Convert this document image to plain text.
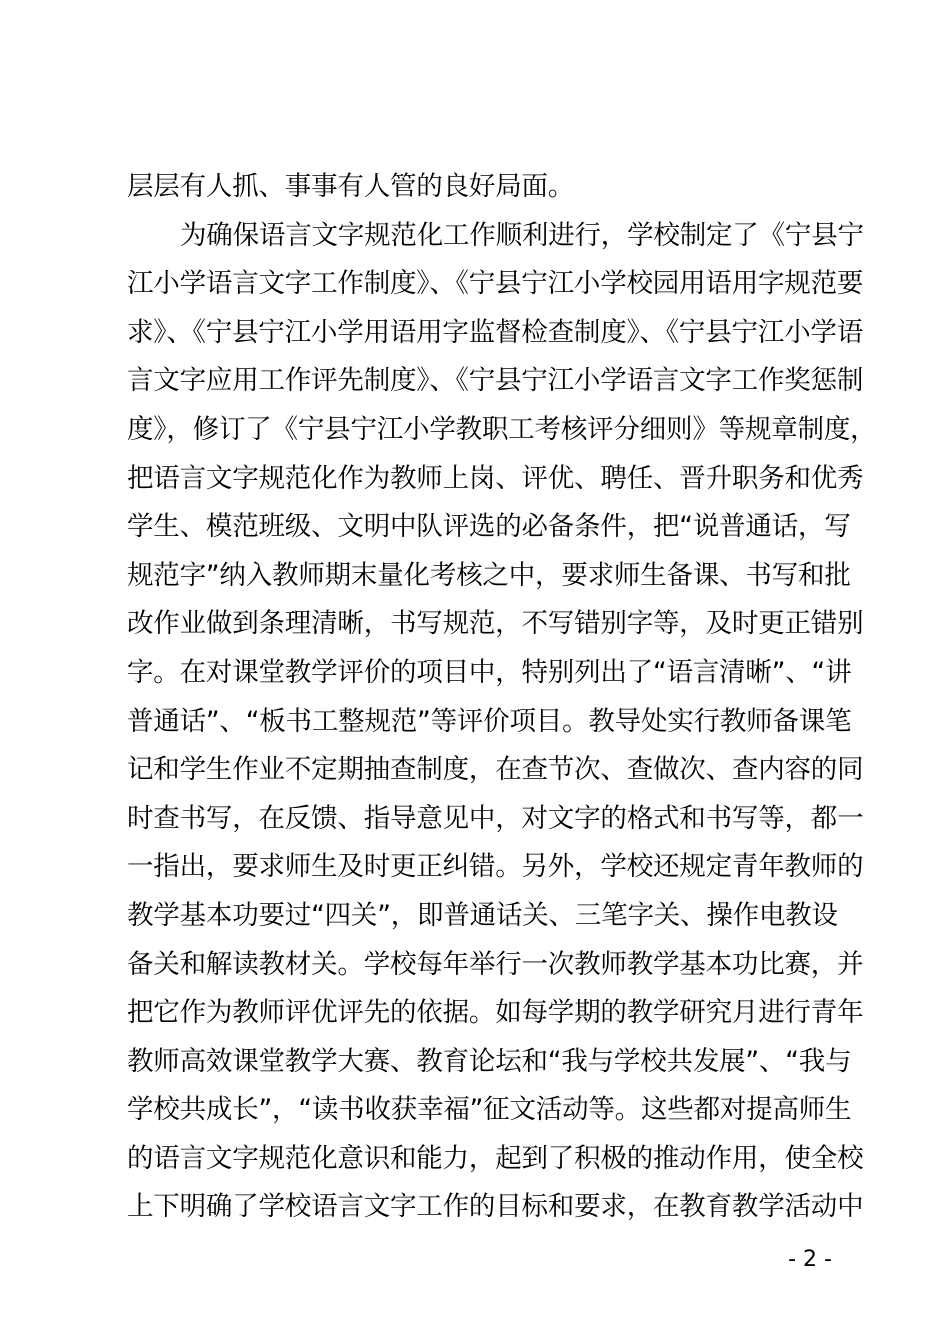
层层有人抓、事事有人管的良好局面。
为确保语言文字规范化工作顺利进行，学校制定了《宁县宁
江小学语言文字工作制度》、《宁县宁江小学校园用语用字规范要
求》、《宁县宁江小学用语用字监督检查制度》、《宁县宁江小学语
言文字应用工作评先制度》、《宁县宁江小学语言文字工作奖惩制
度》，修订了《宁县宁江小学教职工考核评分细则》等规章制度，
把语言文字规范化作为教师上岗、评优、聘任、晋升职务和优秀
学生、模范班级、文明中队评选的必备条件，把“说普通话，写
规范字”纳入教师期末量化考核之中，要求师生备课、书写和批
改作业做到条理清晰，书写规范，不写错别字等，及时更正错别
字。在对课堂教学评价的项目中，特别列出了“语言清晰”、“讲
普通话”、“板书工整规范”等评价项目。教导处实行教师备课笔
记和学生作业不定期抽查制度，在查节次、查做次、查内容的同
时查书写，在反馈、指导意见中，对文字的格式和书写等，都一
一指出，要求师生及时更正纠错。另外，学校还规定青年教师的
教学基本功要过“四关”，即普通话关、三笔字关、操作电教设
备关和解读教材关。学校每年举行一次教师教学基本功比赛，并
把它作为教师评优评先的依据。如每学期的教学研究月进行青年
教师高效课堂教学大赛、教育论坛和“我与学校共发展”、“我与
学校共成长”，“读书收获幸福”征文活动等。这些都对提高师生
的语言文字规范化意识和能力，起到了积极的推动作用，使全校
上下明确了学校语言文字工作的目标和要求，在教育教学活动中
- 2 -
